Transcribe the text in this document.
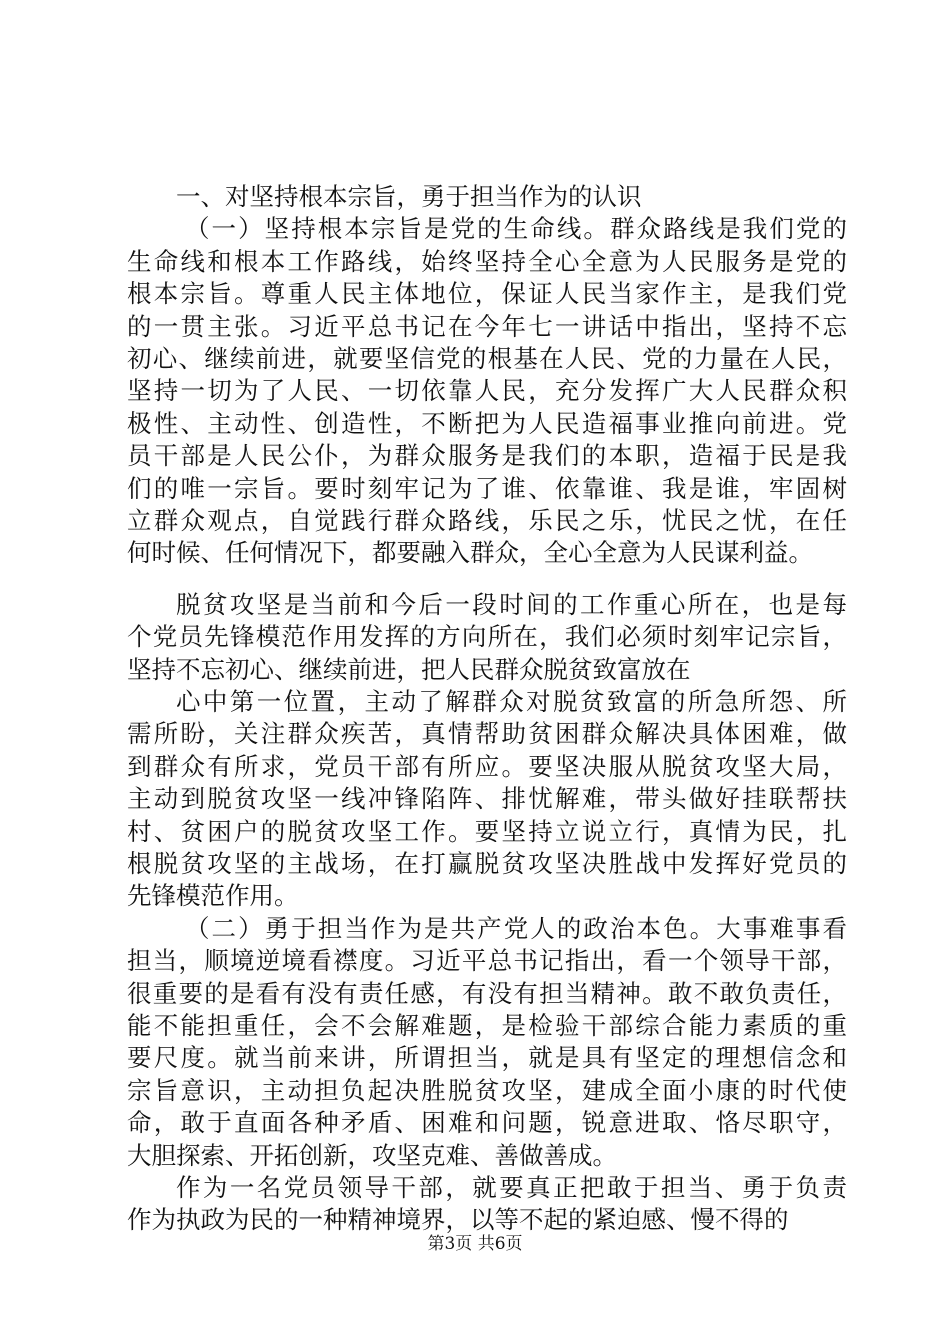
一、对坚持根本宗旨，勇于担当作为的认识
（一）坚持根本宗旨是党的生命线。群众路线是我们党的
生命线和根本工作路线，始终坚持全心全意为人民服务是党的
根本宗旨。尊重人民主体地位，保证人民当家作主，是我们党
的一贯主张。习近平总书记在今年七一讲话中指出，坚持不忘
初心、继续前进，就要坚信党的根基在人民、党的力量在人民，
坚持一切为了人民、一切依靠人民，充分发挥广大人民群众积
极性、主动性、创造性，不断把为人民造福事业推向前进。党
员干部是人民公仆，为群众服务是我们的本职，造福于民是我
们的唯一宗旨。要时刻牢记为了谁、依靠谁、我是谁，牢固树
立群众观点，自觉践行群众路线，乐民之乐，忧民之忧，在任
何时候、任何情况下，都要融入群众，全心全意为人民谋利益。
脱贫攻坚是当前和今后一段时间的工作重心所在，也是每
个党员先锋模范作用发挥的方向所在，我们必须时刻牢记宗旨，
坚持不忘初心、继续前进，把人民群众脱贫致富放在
心中第一位置，主动了解群众对脱贫致富的所急所怨、所
需所盼，关注群众疾苦，真情帮助贫困群众解决具体困难，做
到群众有所求，党员干部有所应。要坚决服从脱贫攻坚大局，
主动到脱贫攻坚一线冲锋陷阵、排忧解难，带头做好挂联帮扶
村、贫困户的脱贫攻坚工作。要坚持立说立行，真情为民，扎
根脱贫攻坚的主战场，在打赢脱贫攻坚决胜战中发挥好党员的
先锋模范作用。
（二）勇于担当作为是共产党人的政治本色。大事难事看
担当，顺境逆境看襟度。习近平总书记指出，看一个领导干部，
很重要的是看有没有责任感，有没有担当精神。敢不敢负责任，
能不能担重任，会不会解难题，是检验干部综合能力素质的重
要尺度。就当前来讲，所谓担当，就是具有坚定的理想信念和
宗旨意识，主动担负起决胜脱贫攻坚，建成全面小康的时代使
命，敢于直面各种矛盾、困难和问题，锐意进取、恪尽职守，
大胆探索、开拓创新，攻坚克难、善做善成。
作为一名党员领导干部，就要真正把敢于担当、勇于负责
作为执政为民的一种精神境界，以等不起的紧迫感、慢不得的
第3页 共6页
